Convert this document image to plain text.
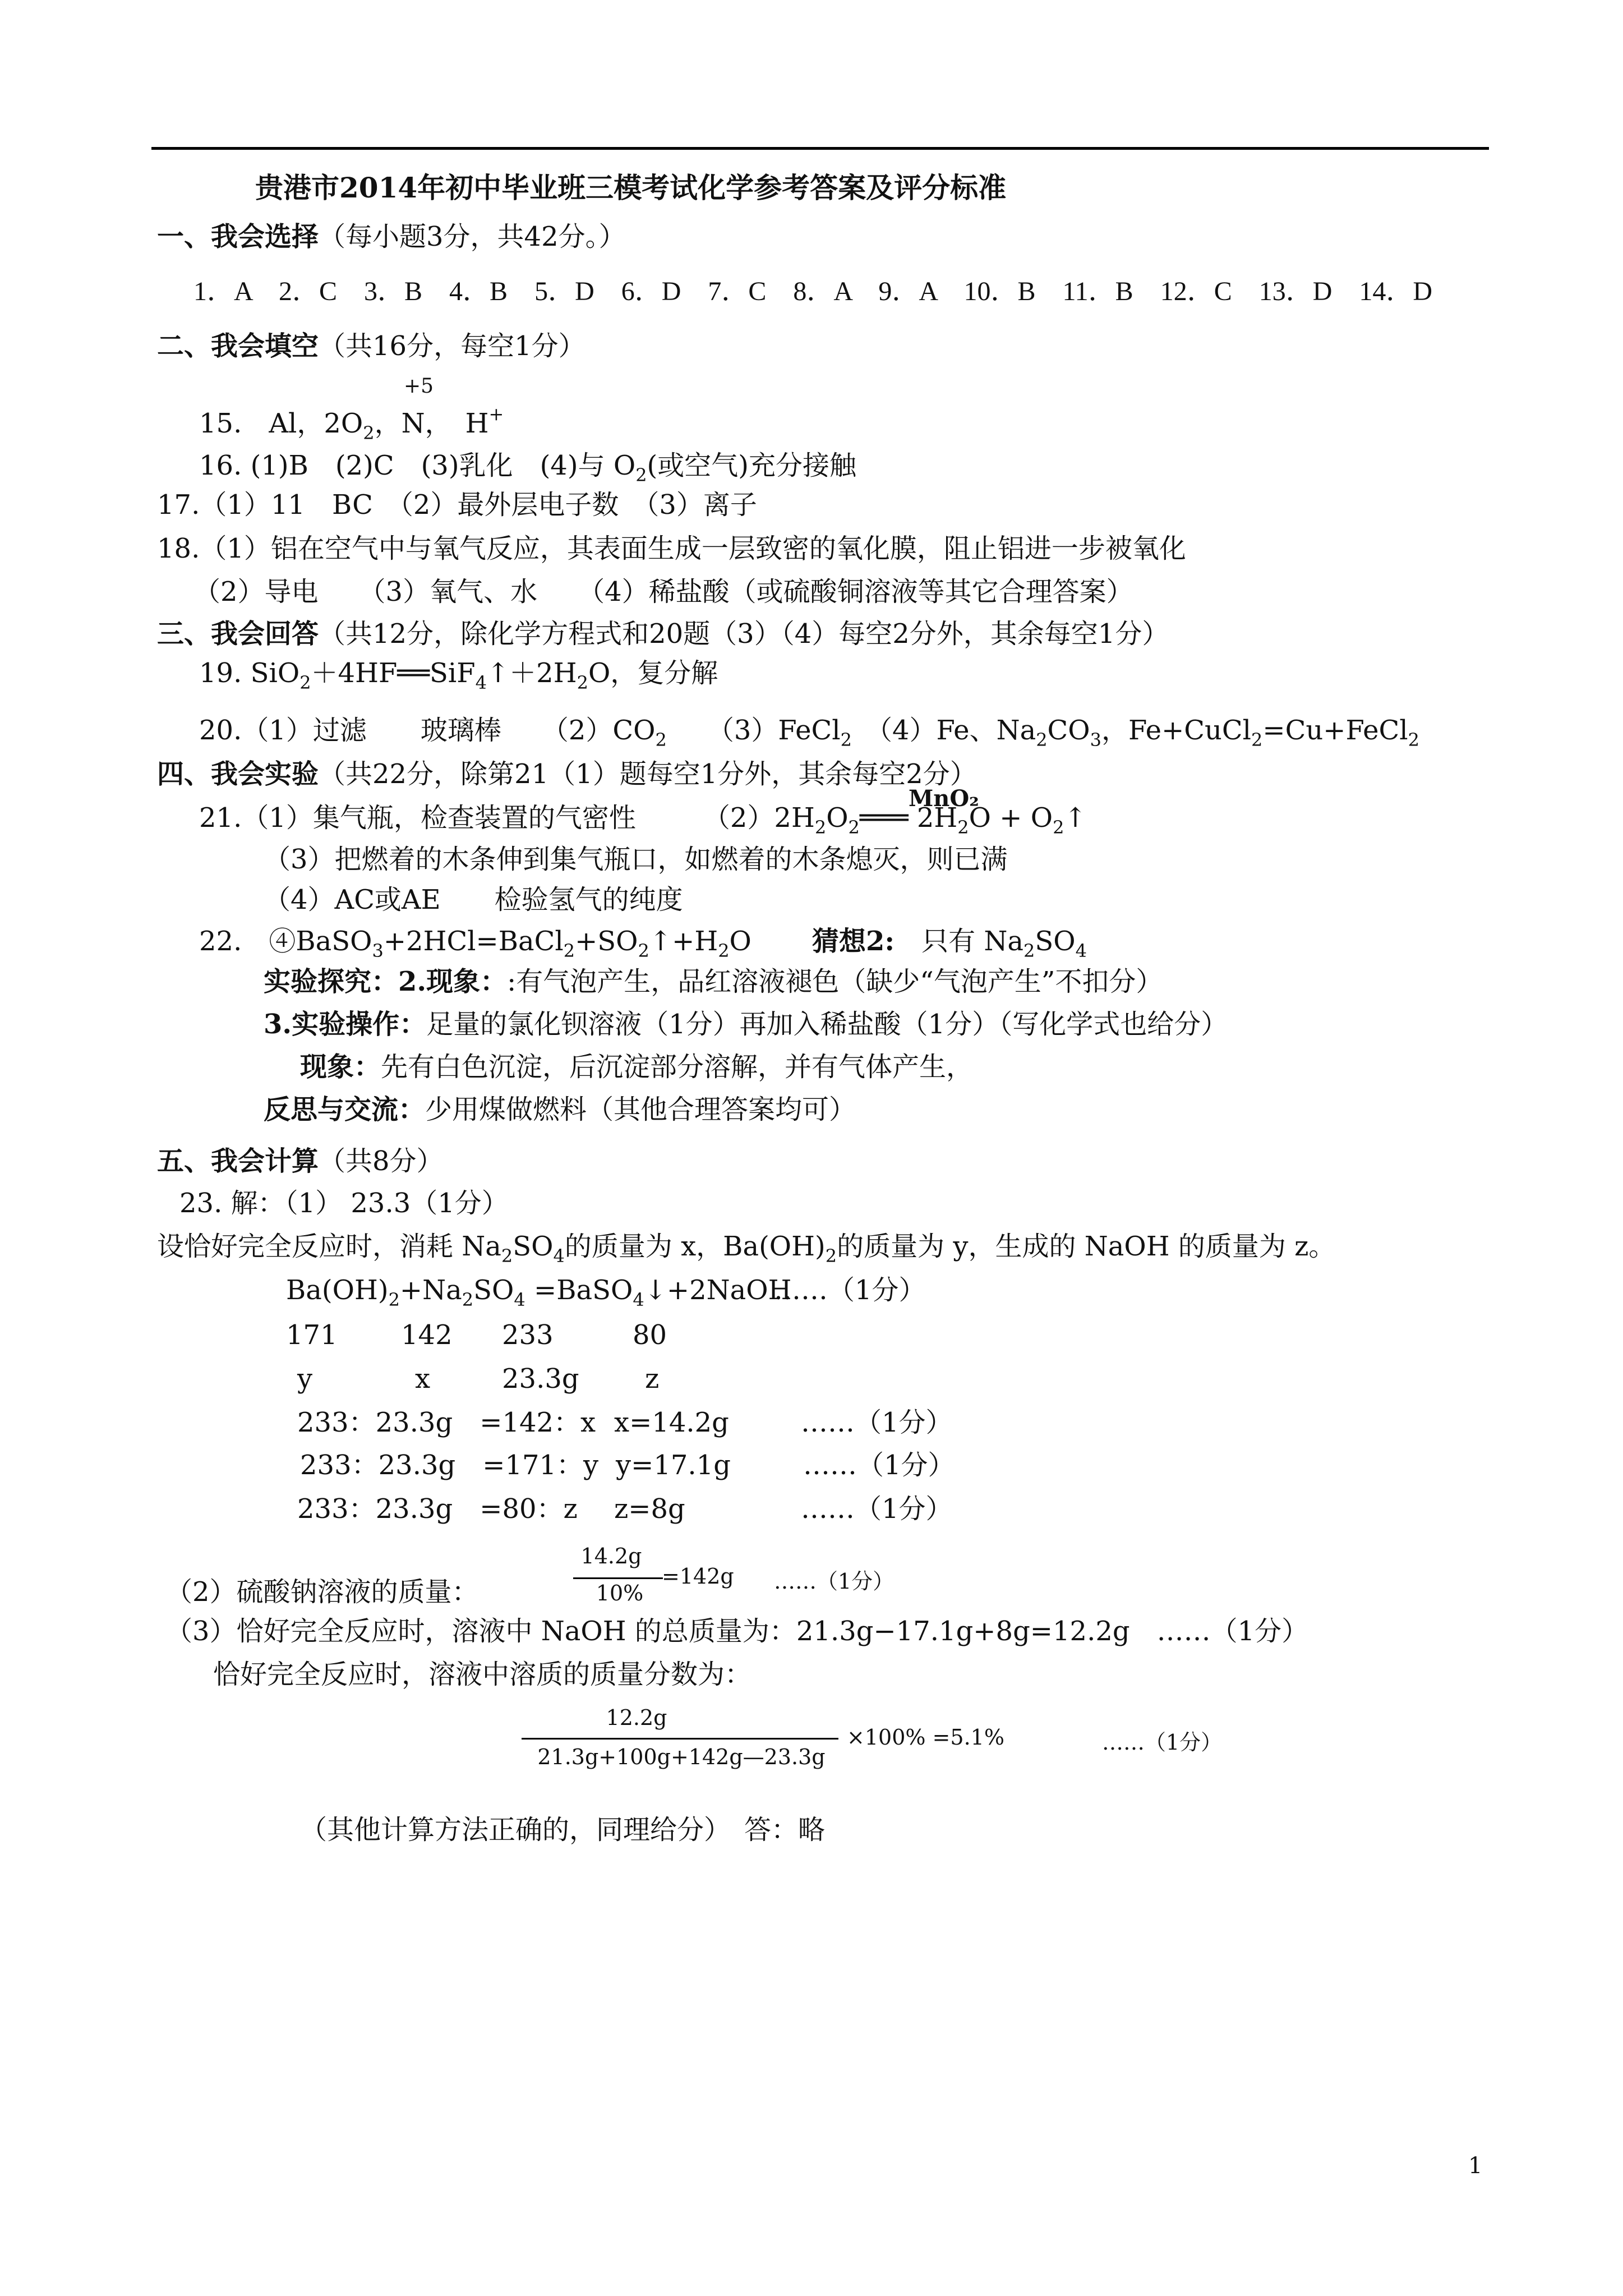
贵港市2014年初中毕业班三模考试化学参考答案及评分标准
一、我会选择（每小题3分，共42分。）
1．A　2．C　3．B　4．B　5．D　6．D　7．C　8．A　9．A　10．B　11．B　12．C　13．D　14．D
二、我会填空（共16分，每空1分）
15.　Al，$2O_2$，N，　H+
+5
16. (1)B　(2)C　(3)乳化　(4)与 $O_2$(或空气)充分接触
17.（1）11　BC　（2）最外层电子数　（3）离子
18.（1）铝在空气中与氧气反应，其表面生成一层致密的氧化膜，阻止铝进一步被氧化
（2）导电　　（3）氧气、水　　（4）稀盐酸（或硫酸铜溶液等其它合理答案）
三、我会回答（共12分，除化学方程式和20题（3）（4）每空2分外，其余每空1分）
19. $SiO_2+4HF══SiF_4↑+2H_2O$，复分解
20.（1）过滤　　玻璃棒　　$(2)CO_2$　　（3）FeCl$_2$　（4）Fe、$Na_2CO_3$，Fe+CuCl$_2$=Cu+FeCl$_2$
四、我会实验（共22分，除第21（1）题每空1分外，其余每空2分）
21.（1）集气瓶，检查装置的气密性　　　$(2)2H_2O_2═══$ $2H_2O$ + $O_2↑$
MnO₂
（3）把燃着的木条伸到集气瓶口，如燃着的木条熄灭，则已满
（4）AC或AE　　检验氢气的纯度
22.　$④BaSO_3+2HCl=BaCl_2+SO_2↑+H_2O$ 猜想2:　只有 $Na_2SO_4$
实验探究：2.现象：:有气泡产生，品红溶液褪色（缺少“气泡产生”不扣分）
3.实验操作：足量的氯化钡溶液（1分）再加入稀盐酸（1分）（写化学式也给分）
现象：先有白色沉淀，后沉淀部分溶解，并有气体产生，
反思与交流：少用煤做燃料（其他合理答案均可）
五、我会计算（共8分）
23. 解：（1） 23.3（1分）
设恰好完全反应时，消耗 $Na_2SO_4$的质量为 x，$Ba(OH)_2$的质量为 y，生成的 NaOH 的质量为 z。
$Ba(OH)_2+Na_2SO_4$ =BaSO$_4$↓+2NaOH
……（1分）
171 142 233	80
y	x	23.3g z
233：23.3g　=142：x x=14.2g	……（1分）
233：23.3g　=171：y y=17.1g	……（1分）
233：23.3g　=80：z z=8g	……（1分）
（2）硫酸钠溶液的质量：
14.2g
10%
=142g ……（1分）
（3）恰好完全反应时，溶液中 NaOH 的总质量为：21.3g−17.1g+8g=12.2g　……（1分）
恰好完全反应时，溶液中溶质的质量分数为：
12.2g
21.3g+100g+142g—23.3g
×100% =5.1%	……（1分）
（其他计算方法正确的，同理给分）　答：略
1
